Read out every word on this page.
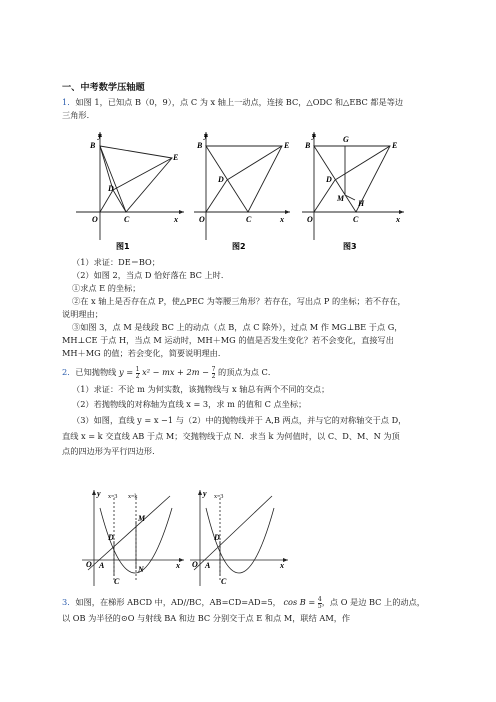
一、中考数学压轴题
1．如图 1，已知点 B（0，9），点 C 为 x 轴上一动点，连接 BC，△ODC 和△EBC 都是等边
三角形．
y
B
E
D
O	C	x
图1
y
B	E
D
O	C	x
图2
y
B
G
E
D
M
H
O	C	x
图3
（1）求证：DE＝BO；
（2）如图 2，当点 D 恰好落在 BC 上时．
①求点 E 的坐标；
②在 x 轴上是否存在点 P，使△PEC 为等腰三角形？若存在，写出点 P 的坐标；若不存在，
说明理由；
③如图 3，点 M 是线段 BC 上的动点（点 B，点 C 除外），过点 M 作 MG⊥BE 于点 G，
MH⊥CE 于点 H，当点 M 运动时，MH＋MG 的值是否发生变化？若不会变化，直接写出
MH＋MG 的值；若会变化，简要说明理由．
2．已知抛物线 $y = \frac{1}{2} x^2$ − mx + $2m - \frac{7}{2}$ 的顶点为点 C．
（1）求证：不论 m 为何实数，该抛物线与 x 轴总有两个不同的交点；
（2）若抛物线的对称轴为直线 x = 3，求 m 的值和 C 点坐标；
（3）如图，直线 y = x −1 与（2）中的抛物线并于 A,B 两点，并与它的对称轴交于点 D，
直线 x = k 交直线 AB 于点 M；交抛物线于点 N．求当 k 为何值时，以 C、D、M、N 为顶
点的四边形为平行四边形．
x=3 x=k
y
M
D
O A	N
C
x
x=3
y
D
O A
C
x
3．如图，在梯形 ABCD 中，AD//BC，AB=CD=AD=5， $\cos B = \frac{4}{5}$ ，点 O 是边 BC 上的动点，
以 OB 为半径的⊙O 与射线 BA 和边 BC 分别交于点 E 和点 M，联结 AM，作
